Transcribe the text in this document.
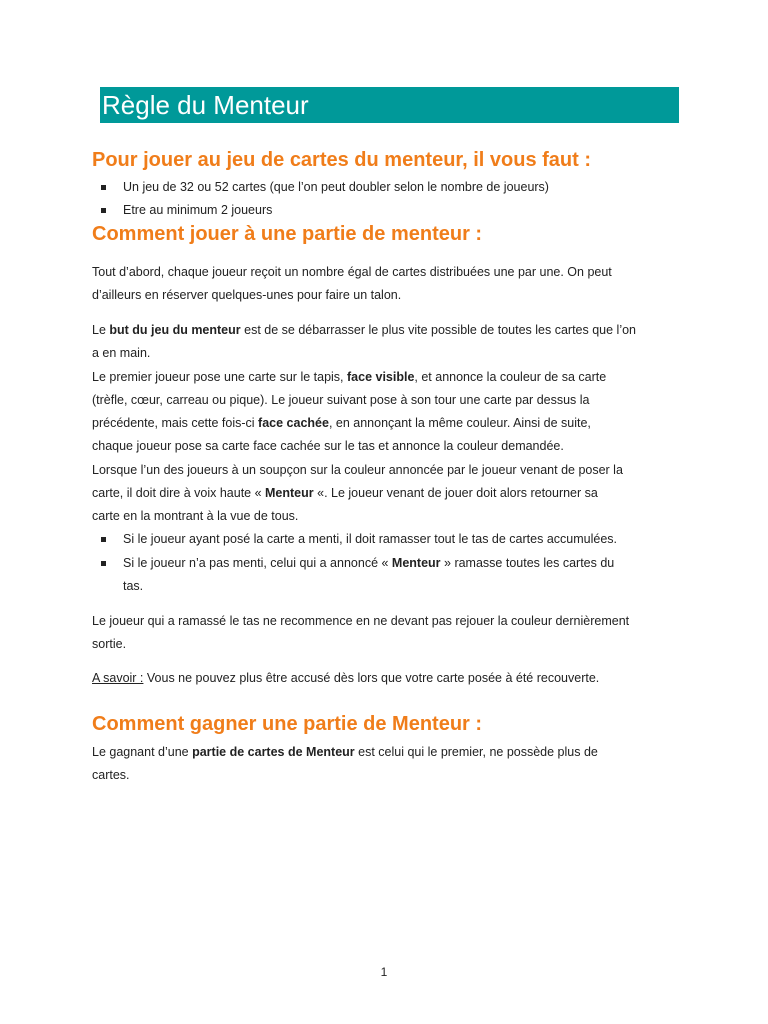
Règle du Menteur
Pour jouer au jeu de cartes du menteur, il vous faut :
Un jeu de 32 ou 52 cartes (que l’on peut doubler selon le nombre de joueurs)
Etre au minimum 2 joueurs
Comment jouer à une partie de menteur :
Tout d’abord, chaque joueur reçoit un nombre égal de cartes distribuées une par une. On peut
d’ailleurs en réserver quelques-unes pour faire un talon.
Le but du jeu du menteur est de se débarrasser le plus vite possible de toutes les cartes que l’on
a en main.
Le premier joueur pose une carte sur le tapis, face visible, et annonce la couleur de sa carte
(trèfle, cœur, carreau ou pique). Le joueur suivant pose à son tour une carte par dessus la
précédente, mais cette fois-ci face cachée, en annonçant la même couleur. Ainsi de suite,
chaque joueur pose sa carte face cachée sur le tas et annonce la couleur demandée.
Lorsque l’un des joueurs à un soupçon sur la couleur annoncée par le joueur venant de poser la
carte, il doit dire à voix haute « Menteur «. Le joueur venant de jouer doit alors retourner sa
carte en la montrant à la vue de tous.
Si le joueur ayant posé la carte a menti, il doit ramasser tout le tas de cartes accumulées.
Si le joueur n’a pas menti, celui qui a annoncé « Menteur » ramasse toutes les cartes du
tas.
Le joueur qui a ramassé le tas ne recommence en ne devant pas rejouer la couleur dernièrement
sortie.
A savoir : Vous ne pouvez plus être accusé dès lors que votre carte posée à été recouverte.
Comment gagner une partie de Menteur :
Le gagnant d’une partie de cartes de Menteur est celui qui le premier, ne possède plus de
cartes.
1
